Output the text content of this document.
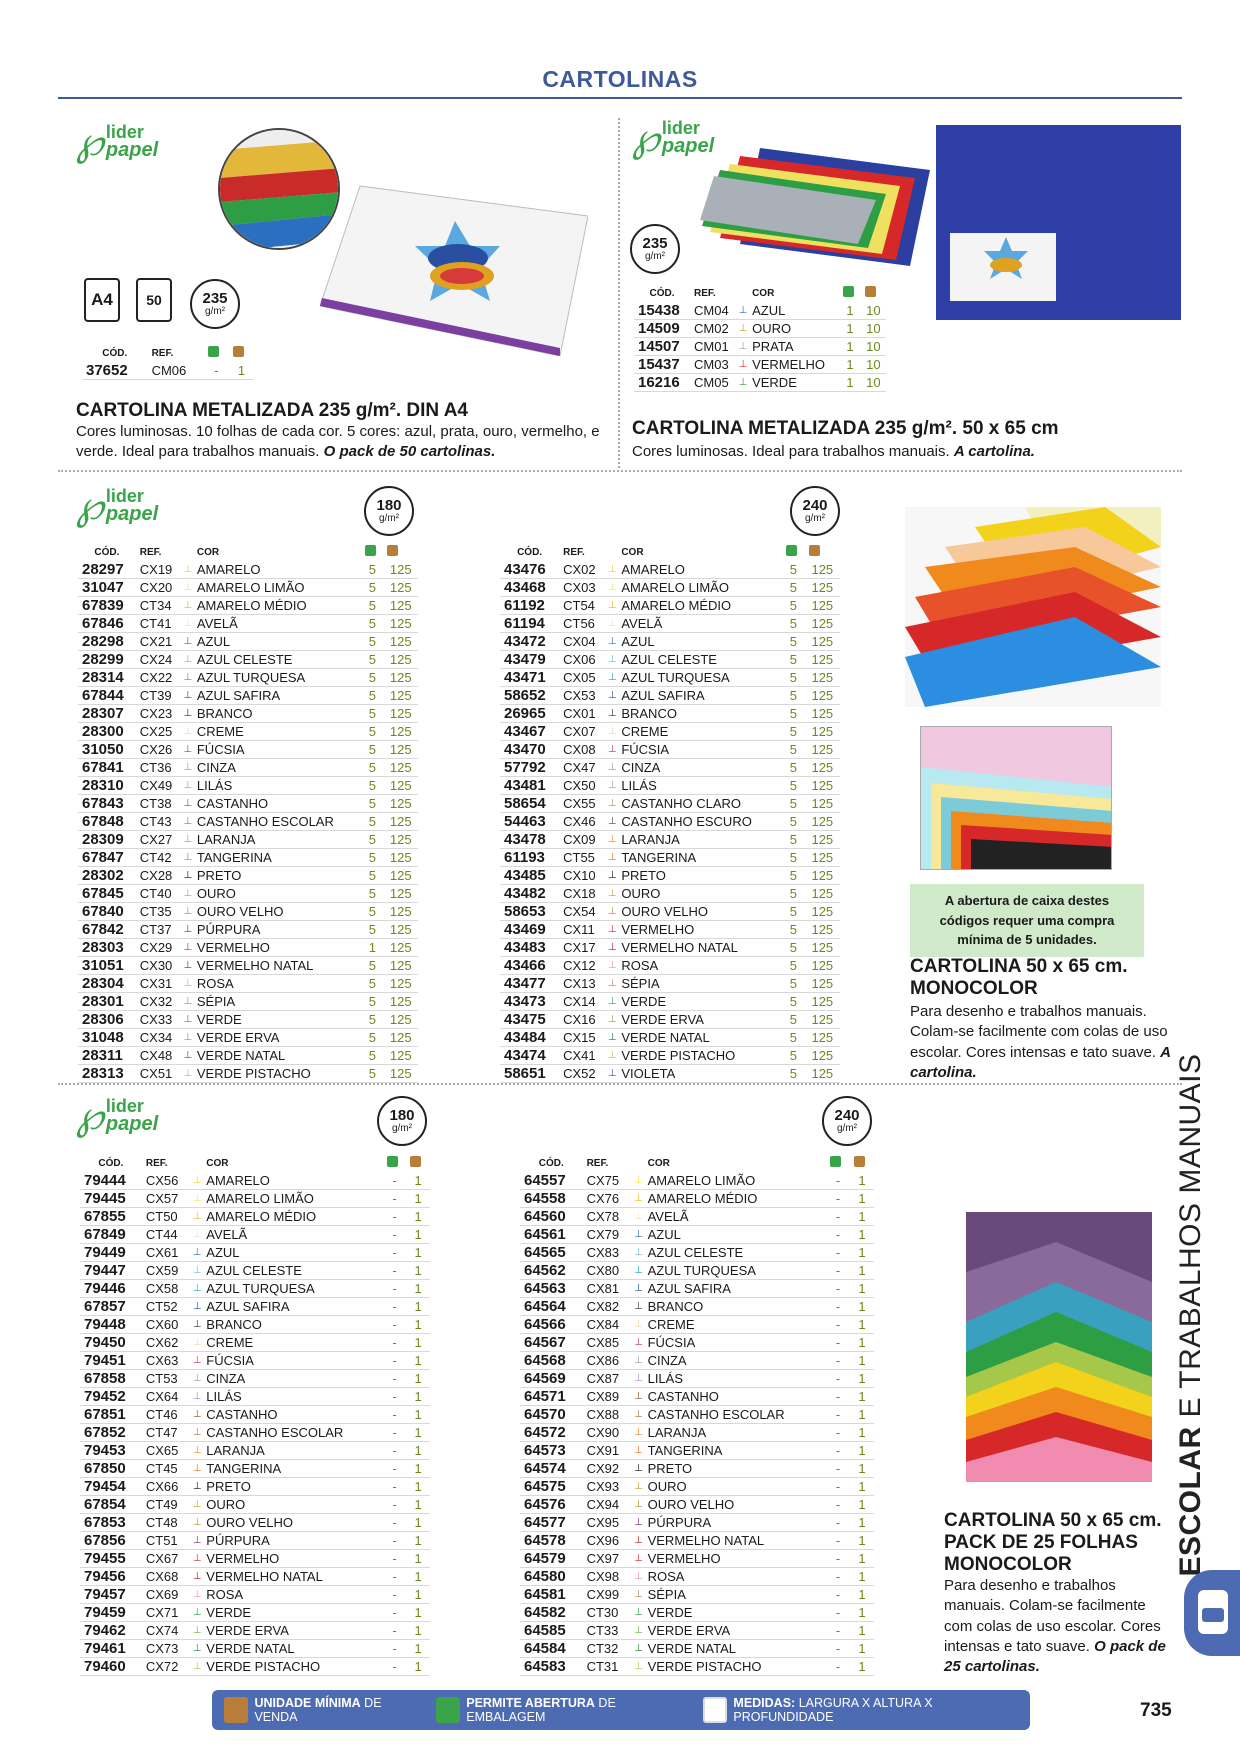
CARTOLINAS
℘ lider
papel
A4 50	235
g/m²
CÓD.	REF.		
37652	CM06	-	1
CARTOLINA METALIZADA 235 g/m². DIN A4
Cores luminosas. 10 folhas de cada cor. 5 cores: azul, prata, ouro, vermelho, e verde. Ideal para trabalhos manuais. O pack de 50 cartolinas.
℘ lider
papel
235
g/m²
CÓD.	REF.		COR		
15438	CM04	⊥	AZUL	1	10
14509	CM02	⊥	OURO	1	10
14507	CM01	⊥	PRATA	1	10
15437	CM03	⊥	VERMELHO	1	10
16216	CM05	⊥	VERDE	1	10
CARTOLINA METALIZADA 235 g/m². 50 x 65 cm
Cores luminosas. Ideal para trabalhos manuais. A cartolina.
℘ lider
papel	180
g/m²
240
g/m²
CÓD.	REF.		COR		
28297	CX19	⊥	AMARELO	5	125
31047	CX20	⊥	AMARELO LIMÃO	5	125
67839	CT34	⊥	AMARELO MÉDIO	5	125
67846	CT41	⊥	AVELÃ	5	125
28298	CX21	⊥	AZUL	5	125
28299	CX24	⊥	AZUL CELESTE	5	125
28314	CX22	⊥	AZUL TURQUESA	5	125
67844	CT39	⊥	AZUL SAFIRA	5	125
28307	CX23	⊥	BRANCO	5	125
28300	CX25	⊥	CREME	5	125
31050	CX26	⊥	FÚCSIA	5	125
67841	CT36	⊥	CINZA	5	125
28310	CX49	⊥	LILÁS	5	125
67843	CT38	⊥	CASTANHO	5	125
67848	CT43	⊥	CASTANHO ESCOLAR	5	125
28309	CX27	⊥	LARANJA	5	125
67847	CT42	⊥	TANGERINA	5	125
28302	CX28	⊥	PRETO	5	125
67845	CT40	⊥	OURO	5	125
67840	CT35	⊥	OURO VELHO	5	125
67842	CT37	⊥	PÚRPURA	5	125
28303	CX29	⊥	VERMELHO	1	125
31051	CX30	⊥	VERMELHO NATAL	5	125
28304	CX31	⊥	ROSA	5	125
28301	CX32	⊥	SÉPIA	5	125
28306	CX33	⊥	VERDE	5	125
31048	CX34	⊥	VERDE ERVA	5	125
28311	CX48	⊥	VERDE NATAL	5	125
28313	CX51	⊥	VERDE PISTACHO	5	125
CÓD.	REF.		COR		
43476	CX02	⊥	AMARELO	5	125
43468	CX03	⊥	AMARELO LIMÃO	5	125
61192	CT54	⊥	AMARELO MÉDIO	5	125
61194	CT56	⊥	AVELÃ	5	125
43472	CX04	⊥	AZUL	5	125
43479	CX06	⊥	AZUL CELESTE	5	125
43471	CX05	⊥	AZUL TURQUESA	5	125
58652	CX53	⊥	AZUL SAFIRA	5	125
26965	CX01	⊥	BRANCO	5	125
43467	CX07	⊥	CREME	5	125
43470	CX08	⊥	FÚCSIA	5	125
57792	CX47	⊥	CINZA	5	125
43481	CX50	⊥	LILÁS	5	125
58654	CX55	⊥	CASTANHO CLARO	5	125
54463	CX46	⊥	CASTANHO ESCURO	5	125
43478	CX09	⊥	LARANJA	5	125
61193	CT55	⊥	TANGERINA	5	125
43485	CX10	⊥	PRETO	5	125
43482	CX18	⊥	OURO	5	125
58653	CX54	⊥	OURO VELHO	5	125
43469	CX11	⊥	VERMELHO	5	125
43483	CX17	⊥	VERMELHO NATAL	5	125
43466	CX12	⊥	ROSA	5	125
43477	CX13	⊥	SÉPIA	5	125
43473	CX14	⊥	VERDE	5	125
43475	CX16	⊥	VERDE ERVA	5	125
43484	CX15	⊥	VERDE NATAL	5	125
43474	CX41	⊥	VERDE PISTACHO	5	125
58651	CX52	⊥	VIOLETA	5	125
A abertura de caixa destes códigos requer uma compra mínima de 5 unidades.
CARTOLINA 50 x 65 cm.
MONOCOLOR
Para desenho e trabalhos manuais. Colam-se facilmente com colas de uso escolar. Cores intensas e tato suave. A cartolina.
℘ lider
papel	180
g/m²
240
g/m²
CÓD.	REF.		COR		
79444	CX56	⊥	AMARELO	-	1
79445	CX57	⊥	AMARELO LIMÃO	-	1
67855	CT50	⊥	AMARELO MÉDIO	-	1
67849	CT44	⊥	AVELÃ	-	1
79449	CX61	⊥	AZUL	-	1
79447	CX59	⊥	AZUL CELESTE	-	1
79446	CX58	⊥	AZUL TURQUESA	-	1
67857	CT52	⊥	AZUL SAFIRA	-	1
79448	CX60	⊥	BRANCO	-	1
79450	CX62	⊥	CREME	-	1
79451	CX63	⊥	FÚCSIA	-	1
67858	CT53	⊥	CINZA	-	1
79452	CX64	⊥	LILÁS	-	1
67851	CT46	⊥	CASTANHO	-	1
67852	CT47	⊥	CASTANHO ESCOLAR	-	1
79453	CX65	⊥	LARANJA	-	1
67850	CT45	⊥	TANGERINA	-	1
79454	CX66	⊥	PRETO	-	1
67854	CT49	⊥	OURO	-	1
67853	CT48	⊥	OURO VELHO	-	1
67856	CT51	⊥	PÚRPURA	-	1
79455	CX67	⊥	VERMELHO	-	1
79456	CX68	⊥	VERMELHO NATAL	-	1
79457	CX69	⊥	ROSA	-	1
79459	CX71	⊥	VERDE	-	1
79462	CX74	⊥	VERDE ERVA	-	1
79461	CX73	⊥	VERDE NATAL	-	1
79460	CX72	⊥	VERDE PISTACHO	-	1
CÓD.	REF.		COR		
64557	CX75	⊥	AMARELO LIMÃO	-	1
64558	CX76	⊥	AMARELO MÉDIO	-	1
64560	CX78	⊥	AVELÃ	-	1
64561	CX79	⊥	AZUL	-	1
64565	CX83	⊥	AZUL CELESTE	-	1
64562	CX80	⊥	AZUL TURQUESA	-	1
64563	CX81	⊥	AZUL SAFIRA	-	1
64564	CX82	⊥	BRANCO	-	1
64566	CX84	⊥	CREME	-	1
64567	CX85	⊥	FÚCSIA	-	1
64568	CX86	⊥	CINZA	-	1
64569	CX87	⊥	LILÁS	-	1
64571	CX89	⊥	CASTANHO	-	1
64570	CX88	⊥	CASTANHO ESCOLAR	-	1
64572	CX90	⊥	LARANJA	-	1
64573	CX91	⊥	TANGERINA	-	1
64574	CX92	⊥	PRETO	-	1
64575	CX93	⊥	OURO	-	1
64576	CX94	⊥	OURO VELHO	-	1
64577	CX95	⊥	PÚRPURA	-	1
64578	CX96	⊥	VERMELHO NATAL	-	1
64579	CX97	⊥	VERMELHO	-	1
64580	CX98	⊥	ROSA	-	1
64581	CX99	⊥	SÉPIA	-	1
64582	CT30	⊥	VERDE	-	1
64585	CT33	⊥	VERDE ERVA	-	1
64584	CT32	⊥	VERDE NATAL	-	1
64583	CT31	⊥	VERDE PISTACHO	-	1
CARTOLINA 50 x 65 cm.
PACK DE 25 FOLHAS
MONOCOLOR
Para desenho e trabalhos manuais. Colam-se facilmente com colas de uso escolar. Cores intensas e tato suave. O pack de 25 cartolinas.
ESCOLAR E TRABALHOS MANUAIS
UNIDADE MÍNIMA DE VENDA
PERMITE ABERTURA DE EMBALAGEM
MEDIDAS: LARGURA X ALTURA X PROFUNDIDADE	735
